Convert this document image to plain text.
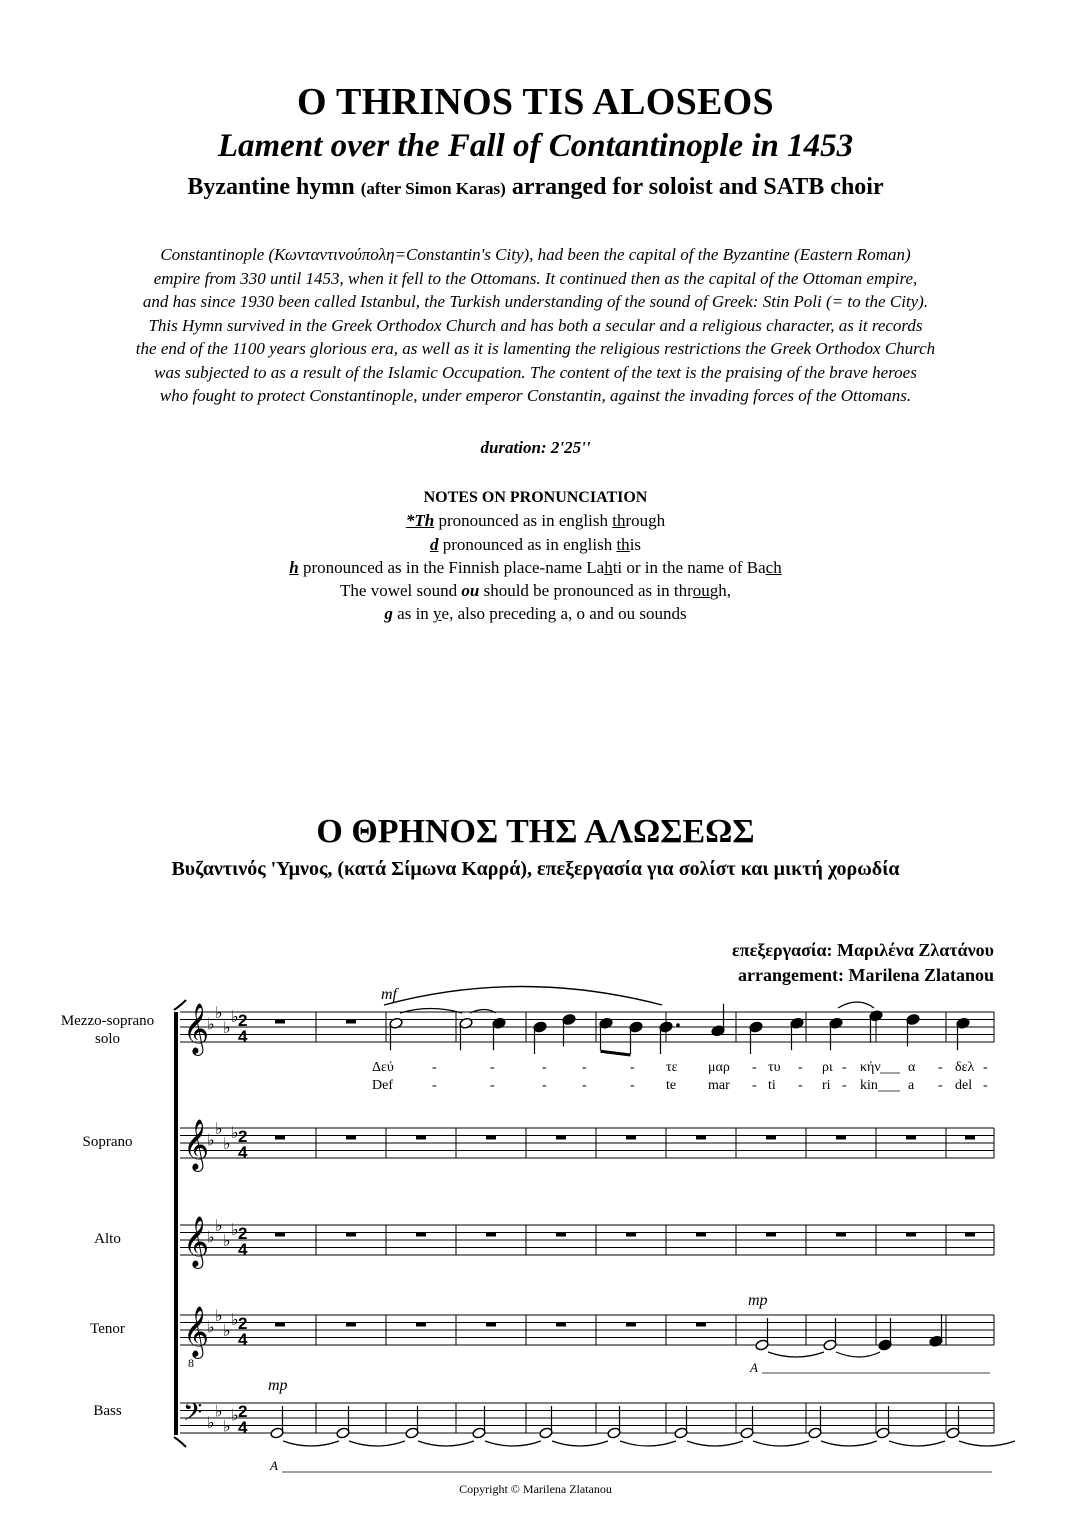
O THRINOS TIS ALOSEOS
Lament over the Fall of Contantinople in 1453
Byzantine hymn (after Simon Karas) arranged for soloist and SATB choir
Constantinople (Κωνταντινούπολη=Constantin's City), had been the capital of the Byzantine (Eastern Roman)
empire from 330 until 1453, when it fell to the Ottomans. It continued then as the capital of the Ottoman empire,
and has since 1930 been called Istanbul, the Turkish understanding of the sound of Greek: Stin Poli (= to the City).
This Hymn survived in the Greek Orthodox Church and has both a secular and a religious character, as it records
the end of the 1100 years glorious era, as well as it is lamenting the religious restrictions the Greek Orthodox Church
was subjected to as a result of the Islamic Occupation. The content of the text is the praising of the brave heroes
who fought to protect Constantinople, under emperor Constantin, against the invading forces of the Ottomans.
duration: 2'25''
NOTES ON PRONUNCIATION
*Th pronounced as in english through
d pronounced as in english this
h pronounced as in the Finnish place-name Lahti or in the name of Bach
The vowel sound ou should be pronounced as in through,
g as in ye, also preceding a, o and ou sounds
Ο ΘΡΗΝΟΣ ΤΗΣ ΑΛΩΣΕΩΣ
Βυζαντινός 'Υμνος, (κατά Σίμωνα Καρρά), επεξεργασία για σολίστ και μικτή χορωδία
επεξεργασία: Μαριλένα Ζλατάνου
arrangement: Marilena Zlatanou
Mezzo-soprano
solo
Soprano
Alto
Tenor
Bass
𝄞
♭
♭
♭
♭ 2
4
𝄞
♭
♭
♭
♭ 2
4
𝄞
♭
♭
♭
♭ 2
4
𝄞
8
♭
♭
♭
♭ 2
4
𝄢 ♭
♭
♭
♭ 2
4
mf
mp
mp
A
A
Δεύ	-	-	-	-	- τε μαρ - τυ - ρι - κήν α - δελ -
Def	-	-	-	-	- te mar - ti - ri - kin a - del -
Copyright © Marilena Zlatanou
